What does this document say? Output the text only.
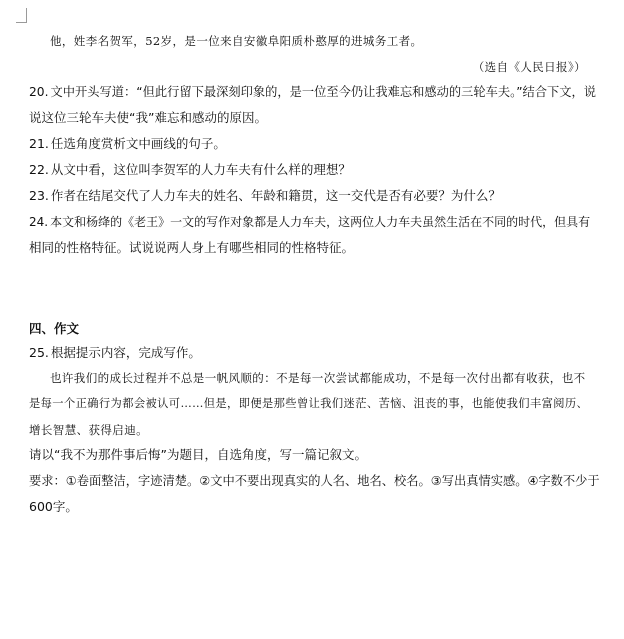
他，姓李名贺军，52岁，是一位来自安徽阜阳质朴憨厚的进城务工者。
（选自《人民日报》）
20. 文中开头写道：“但此行留下最深刻印象的，是一位至今仍让我难忘和感动的三轮车夫。”结合下文，说
说这位三轮车夫使“我”难忘和感动的原因。
21. 任选角度赏析文中画线的句子。
22. 从文中看，这位叫李贺军的人力车夫有什么样的理想？
23. 作者在结尾交代了人力车夫的姓名、年龄和籍贯，这一交代是否有必要？为什么？
24. 本文和杨绛的《老王》一文的写作对象都是人力车夫，这两位人力车夫虽然生活在不同的时代，但具有
相同的性格特征。试说说两人身上有哪些相同的性格特征。
四、作文
25. 根据提示内容，完成写作。
也许我们的成长过程并不总是一帆风顺的：不是每一次尝试都能成功，不是每一次付出都有收获，也不
是每一个正确行为都会被认可……但是，即便是那些曾让我们迷茫、苦恼、沮丧的事，也能使我们丰富阅历、
增长智慧、获得启迪。
请以“我不为那件事后悔”为题目，自选角度，写一篇记叙文。
要求：①卷面整洁，字迹清楚。②文中不要出现真实的人名、地名、校名。③写出真情实感。④字数不少于
600字。
